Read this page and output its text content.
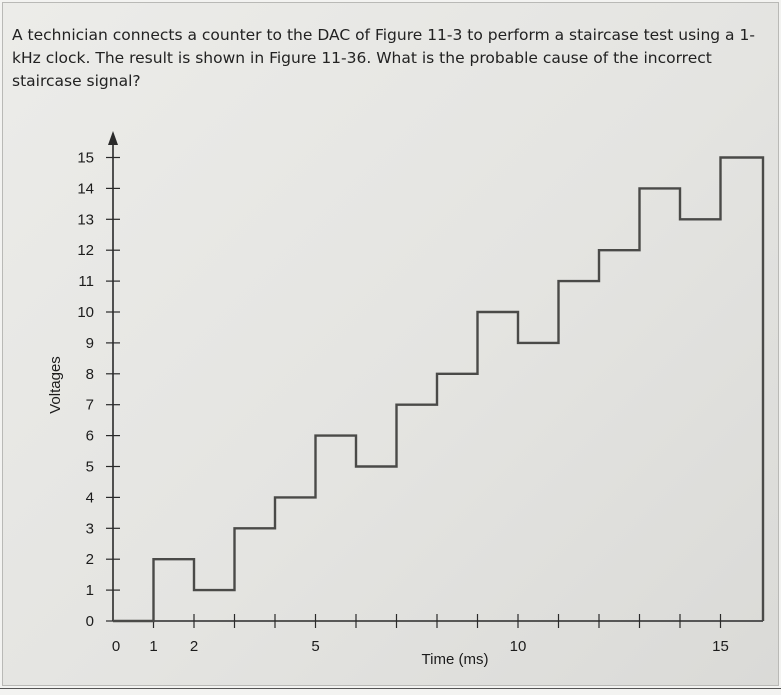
A technician connects a counter to the DAC of Figure 11-3 to perform a staircase test using a 1-kHz clock. The result is shown in Figure 11-36. What is the probable cause of the incorrect staircase signal?

0
1
2
3
4
5
6
7
8
9
10
11
12
13
14
15
0 1 2	5	10	15
Time (ms)
Voltages
